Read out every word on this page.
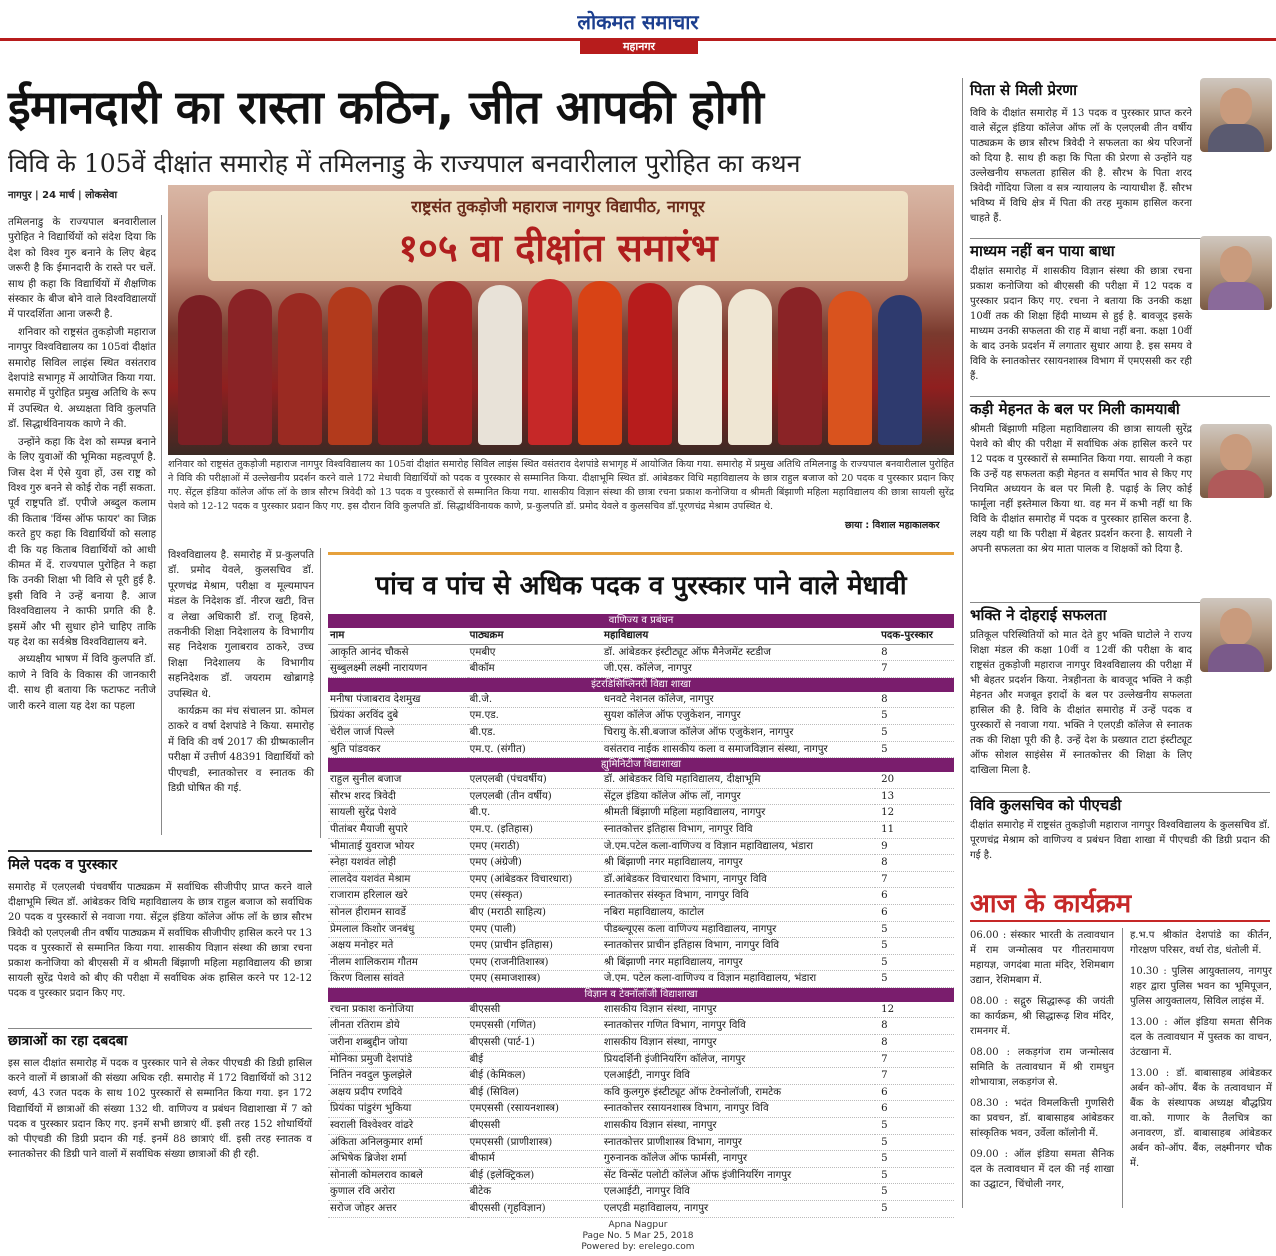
लोकमत समाचार
महानगर
ईमानदारी का रास्ता कठिन, जीत आपकी होगी
विवि के 105वें दीक्षांत समारोह में तमिलनाडु के राज्यपाल बनवारीलाल पुरोहित का कथन
नागपुर | 24 मार्च | लोकसेवा

तमिलनाडु के राज्यपाल बनवारीलाल पुरोहित ने विद्यार्थियों को संदेश दिया कि देश को विश्व गुरु बनाने के लिए बेहद जरूरी है कि ईमानदारी के रास्ते पर चलें. साथ ही कहा कि विद्यार्थियों में शैक्षणिक संस्कार के बीज बोने वाले विश्वविद्यालयों में पारदर्शिता आना जरूरी है.

शनिवार को राष्ट्रसंत तुकड़ोजी महाराज नागपुर विश्वविद्यालय का 105वां दीक्षांत समारोह सिविल लाइंस स्थित वसंतराव देशपांडे सभागृह में आयोजित किया गया. समारोह में पुरोहित प्रमुख अतिथि के रूप में उपस्थित थे. अध्यक्षता विवि कुलपति डॉ. सिद्धार्थविनायक काणे ने की.

उन्होंने कहा कि देश को सम्पन्न बनाने के लिए युवाओं की भूमिका महत्वपूर्ण है. जिस देश में ऐसे युवा हों, उस राष्ट्र को विश्व गुरु बनने से कोई रोक नहीं सकता. पूर्व राष्ट्रपति डॉ. एपीजे अब्दुल कलाम की किताब 'विंग्स ऑफ फायर' का जिक्र करते हुए कहा कि विद्यार्थियों को सलाह दी कि यह किताब विद्यार्थियों को आधी कीमत में दें. राज्यपाल पुरोहित ने कहा कि उनकी शिक्षा भी विवि से पूरी हुई है. इसी विवि ने उन्हें बनाया है. आज विश्वविद्यालय ने काफी प्रगति की है. इसमें और भी सुधार होने चाहिए ताकि यह देश का सर्वश्रेष्ठ विश्वविद्यालय बने.

अध्यक्षीय भाषण में विवि कुलपति डॉ. काणे ने विवि के विकास की जानकारी दी. साथ ही बताया कि फटाफट नतीजे जारी करने वाला यह देश का पहला

राष्ट्रसंत तुकड़ोजी महाराज नागपुर विद्यापीठ, नागपूर
१०५ वा दीक्षांत समारंभ
शनिवार को राष्ट्रसंत तुकड़ोजी महाराज नागपुर विश्वविद्यालय का 105वां दीक्षांत समारोह सिविल लाइंस स्थित वसंतराव देशपांडे सभागृह में आयोजित किया गया. समारोह में प्रमुख अतिथि तमिलनाडु के राज्यपाल बनवारीलाल पुरोहित ने विवि की परीक्षाओं में उल्लेखनीय प्रदर्शन करने वाले 172 मेधावी विद्यार्थियों को पदक व पुरस्कार से सम्मानित किया. दीक्षाभूमि स्थित डॉ. आंबेडकर विधि महाविद्यालय के छात्र राहुल बजाज को 20 पदक व पुरस्कार प्रदान किए गए. सेंट्रल इंडिया कॉलेज ऑफ लॉ के छात्र सौरभ त्रिवेदी को 13 पदक व पुरस्कारों से सम्मानित किया गया. शासकीय विज्ञान संस्था की छात्रा रचना प्रकाश कनोजिया व श्रीमती बिंझाणी महिला महाविद्यालय की छात्रा सायली सुरेंद्र पेशवे को 12-12 पदक व पुरस्कार प्रदान किए गए. इस दौरान विवि कुलपति डॉ. सिद्धार्थविनायक काणे, प्र-कुलपति डॉ. प्रमोद येवले व कुलसचिव डॉ.पूरणचंद्र मेश्राम उपस्थित थे.
छाया : विशाल महाकालकर

विश्वविद्यालय है. समारोह में प्र-कुलपति डॉ. प्रमोद येवले, कुलसचिव डॉ. पूरणचंद्र मेश्राम, परीक्षा व मूल्यमापन मंडल के निदेशक डॉ. नीरज खटी, वित्त व लेखा अधिकारी डॉ. राजू हिवसे, तकनीकी शिक्षा निदेशालय के विभागीय सह निदेशक गुलाबराव ठाकरे, उच्च शिक्षा निदेशालय के विभागीय सहनिदेशक डॉ. जयराम खोब्रागड़े उपस्थित थे.

कार्यक्रम का मंच संचालन प्रा. कोमल ठाकरे व वर्षा देशपांडे ने किया. समारोह में विवि की वर्ष 2017 की ग्रीष्मकालीन परीक्षा में उत्तीर्ण 48391 विद्यार्थियों को पीएचडी, स्नातकोत्तर व स्नातक की डिग्री घोषित की गई.

पांच व पांच से अधिक पदक व पुरस्कार पाने वाले मेधावी
वाणिज्य व प्रबंधन			
नाम	पाठ्यक्रम	महाविद्यालय	पदक-पुरस्कार
आकृति आनंद चौकसे	एमबीए	डॉ. आंबेडकर इंस्टीट्यूट ऑफ मैनेजमेंट स्टडीज	8
सुब्बुलक्ष्मी लक्ष्मी नारायणन	बीकॉम	जी.एस. कॉलेज, नागपुर	7
इंटरडिसिप्लिनरी विद्या शाखा			
मनीषा पंजाबराव देशमुख	बी.जे.	धनवटे नेशनल कॉलेज, नागपुर	8
प्रियंका अरविंद दुबे	एम.एड.	सुयश कॉलेज ऑफ एजुकेशन, नागपुर	5
चेरील जार्ज पिल्ले	बी.एड.	चिरायु के.सी.बजाज कॉलेज ऑफ एजुकेशन, नागपुर	5
श्रुति पांडवकर	एम.ए. (संगीत)	वसंतराव नाईक शासकीय कला व समाजविज्ञान संस्था, नागपुर	5
ह्युमिनिटीज विद्याशाखा			
राहुल सुनील बजाज	एलएलबी (पंचवर्षीय)	डॉ. आंबेडकर विधि महाविद्यालय, दीक्षाभूमि	20
सौरभ शरद त्रिवेदी	एलएलबी (तीन वर्षीय)	सेंट्रल इंडिया कॉलेज ऑफ लॉ, नागपुर	13
सायली सुरेंद्र पेशवे	बी.ए.	श्रीमती बिंझाणी महिला महाविद्यालय, नागपुर	12
पीतांबर मैयाजी सुपारे	एम.ए. (इतिहास)	स्नातकोत्तर इतिहास विभाग, नागपुर विवि	11
भीमाताई युवराज भोयर	एमए (मराठी)	जे.एम.पटेल कला-वाणिज्य व विज्ञान महाविद्यालय, भंडारा	9
स्नेहा यशवंत लोही	एमए (अंग्रेजी)	श्री बिंझाणी नगर महाविद्यालय, नागपुर	8
लालदेव यशवंत मेश्राम	एमए (आंबेडकर विचारधारा)	डॉ.आंबेडकर विचारधारा विभाग, नागपुर विवि	7
राजाराम हरिलाल खरे	एमए (संस्कृत)	स्नातकोत्तर संस्कृत विभाग, नागपुर विवि	6
सोनल हीरामन सावर्डे	बीए (मराठी साहित्य)	नबिरा महाविद्यालय, काटोल	6
प्रेमलाल किशोर जनबंधु	एमए (पाली)	पीडब्ल्यूएस कला वाणिज्य महाविद्यालय, नागपुर	5
अक्षय मनोहर मते	एमए (प्राचीन इतिहास)	स्नातकोत्तर प्राचीन इतिहास विभाग, नागपुर विवि	5
नीलम शालिकराम गौतम	एमए (राजनीतिशास्त्र)	श्री बिंझाणी नगर महाविद्यालय, नागपुर	5
किरण विलास सांवते	एमए (समाजशास्त्र)	जे.एम. पटेल कला-वाणिज्य व विज्ञान महाविद्यालय, भंडारा	5
विज्ञान व टेक्नॉलॉजी विद्याशाखा			
रचना प्रकाश कनोजिया	बीएससी	शासकीय विज्ञान संस्था, नागपुर	12
लीनता रतिराम डोये	एमएससी (गणित)	स्नातकोत्तर गणित विभाग, नागपुर विवि	8
जरीना शब्बुद्दीन जोया	बीएससी (पार्ट-1)	शासकीय विज्ञान संस्था, नागपुर	8
मोनिका प्रमुजी देशपांडे	बीई	प्रियदर्शिनी इंजीनियरिंग कॉलेज, नागपुर	7
नितिन नवदुल फुलझेले	बीई (केमिकल)	एलआईटी, नागपुर विवि	7
अक्षय प्रदीप रणदिवे	बीई (सिविल)	कवि कुलगुरु इंस्टीट्यूट ऑफ टेक्नोलॉजी, रामटेक	6
प्रियंका पांडुरंग भुकिया	एमएससी (रसायनशास्त्र)	स्नातकोत्तर रसायनशास्त्र विभाग, नागपुर विवि	6
स्वराली विश्वेश्वर वांढरे	बीएससी	शासकीय विज्ञान संस्था, नागपुर	5
अंकिता अनिलकुमार शर्मा	एमएससी (प्राणीशास्त्र)	स्नातकोत्तर प्राणीशास्त्र विभाग, नागपुर	5
अभिषेक ब्रिजेश शर्मा	बीफार्म	गुरुनानक कॉलेज ऑफ फार्मसी, नागपुर	5
सोनाली कोमलराव काबले	बीई (इलेक्ट्रिकल)	सेंट विन्सेंट पलोटी कॉलेज ऑफ इंजीनियरिंग नागपुर	5
कुणाल रवि अरोरा	बीटेक	एलआईटी, नागपुर विवि	5
सरोज जोहर अत्तर	बीएससी (गृहविज्ञान)	एलएडी महाविद्यालय, नागपुर	5
मिले पदक व पुरस्कार
समारोह में एलएलबी पंचवर्षीय पाठ्यक्रम में सर्वाधिक सीजीपीए प्राप्त करने वाले दीक्षाभूमि स्थित डॉ. आंबेडकर विधि महाविद्यालय के छात्र राहुल बजाज को सर्वाधिक 20 पदक व पुरस्कारों से नवाजा गया. सेंट्रल इंडिया कॉलेज ऑफ लॉ के छात्र सौरभ त्रिवेदी को एलएलबी तीन वर्षीय पाठ्यक्रम में सर्वाधिक सीजीपीए हासिल करने पर 13 पदक व पुरस्कारों से सम्मानित किया गया. शासकीय विज्ञान संस्था की छात्रा रचना प्रकाश कनोजिया को बीएससी में व श्रीमती बिंझाणी महिला महाविद्यालय की छात्रा सायली सुरेंद्र पेशवे को बीए की परीक्षा में सर्वाधिक अंक हासिल करने पर 12-12 पदक व पुरस्कार प्रदान किए गए.
छात्राओं का रहा दबदबा
इस साल दीक्षांत समारोह में पदक व पुरस्कार पाने से लेकर पीएचडी की डिग्री हासिल करने वालों में छात्राओं की संख्या अधिक रही. समारोह में 172 विद्यार्थियों को 312 स्वर्ण, 43 रजत पदक के साथ 102 पुरस्कारों से सम्मानित किया गया. इन 172 विद्यार्थियों में छात्राओं की संख्या 132 थी. वाणिज्य व प्रबंधन विद्याशाखा में 7 को पदक व पुरस्कार प्रदान किए गए. इनमें सभी छात्राएं थीं. इसी तरह 152 शोधार्थियों को पीएचडी की डिग्री प्रदान की गई. इनमें 88 छात्राएं थीं. इसी तरह स्नातक व स्नातकोत्तर की डिग्री पाने वालों में सर्वाधिक संख्या छात्राओं की ही रही.
पिता से मिली प्रेरणा
विवि के दीक्षांत समारोह में 13 पदक व पुरस्कार प्राप्त करने वाले सेंट्रल इंडिया कॉलेज ऑफ लॉ के एलएलबी तीन वर्षीय पाठ्यक्रम के छात्र सौरभ त्रिवेदी ने सफलता का श्रेय परिजनों को दिया है. साथ ही कहा कि पिता की प्रेरणा से उन्होंने यह उल्लेखनीय सफलता हासिल की है. सौरभ के पिता शरद त्रिवेदी गोंदिया जिला व सत्र न्यायालय के न्यायाधीश हैं. सौरभ भविष्य में विधि क्षेत्र में पिता की तरह मुकाम हासिल करना चाहते हैं.
माध्यम नहीं बन पाया बाधा
दीक्षांत समारोह में शासकीय विज्ञान संस्था की छात्रा रचना प्रकाश कनोजिया को बीएससी की परीक्षा में 12 पदक व पुरस्कार प्रदान किए गए. रचना ने बताया कि उनकी कक्षा 10वीं तक की शिक्षा हिंदी माध्यम से हुई है. बावजूद इसके माध्यम उनकी सफलता की राह में बाधा नहीं बना. कक्षा 10वीं के बाद उनके प्रदर्शन में लगातार सुधार आया है. इस समय वे विवि के स्नातकोत्तर रसायनशास्त्र विभाग में एमएससी कर रही हैं.
कड़ी मेहनत के बल पर मिली कामयाबी
श्रीमती बिंझाणी महिला महाविद्यालय की छात्रा सायली सुरेंद्र पेशवे को बीए की परीक्षा में सर्वाधिक अंक हासिल करने पर 12 पदक व पुरस्कारों से सम्मानित किया गया. सायली ने कहा कि उन्हें यह सफलता कड़ी मेहनत व समर्पित भाव से किए गए नियमित अध्ययन के बल पर मिली है. पढ़ाई के लिए कोई फार्मूला नहीं इस्तेमाल किया था. वह मन में कभी नहीं था कि विवि के दीक्षांत समारोह में पदक व पुरस्कार हासिल करना है. लक्ष्य यही था कि परीक्षा में बेहतर प्रदर्शन करना है. सायली ने अपनी सफलता का श्रेय माता पालक व शिक्षकों को दिया है.
भक्ति ने दोहराई सफलता
प्रतिकूल परिस्थितियों को मात देते हुए भक्ति घाटोले ने राज्य शिक्षा मंडल की कक्षा 10वीं व 12वीं की परीक्षा के बाद राष्ट्रसंत तुकड़ोजी महाराज नागपुर विश्वविद्यालय की परीक्षा में भी बेहतर प्रदर्शन किया. नेत्रहीनता के बावजूद भक्ति ने कड़ी मेहनत और मजबूत इरादों के बल पर उल्लेखनीय सफलता हासिल की है. विवि के दीक्षांत समारोह में उन्हें पदक व पुरस्कारों से नवाजा गया. भक्ति ने एलएडी कॉलेज से स्नातक तक की शिक्षा पूरी की है. उन्हें देश के प्रख्यात टाटा इंस्टीट्यूट ऑफ सोशल साइंसेस में स्नातकोत्तर की शिक्षा के लिए दाखिला मिला है.
विवि कुलसचिव को पीएचडी
दीक्षांत समारोह में राष्ट्रसंत तुकड़ोजी महाराज नागपुर विश्वविद्यालय के कुलसचिव डॉ. पूरणचंद्र मेश्राम को वाणिज्य व प्रबंधन विद्या शाखा में पीएचडी की डिग्री प्रदान की गई है.
आज के कार्यक्रम
06.00 : संस्कार भारती के तत्वावधान में राम जन्मोत्सव पर गीतरामायण महायज्ञ, जगदंबा माता मंदिर, रेशिमबाग उद्यान, रेशिमबाग में.
08.00 : सद्गुरु सिद्धारूढ़ की जयंती का कार्यक्रम, श्री सिद्धारूढ़ शिव मंदिर, रामनगर में.
08.00 : लकड़गंज राम जन्मोत्सव समिति के तत्वावधान में श्री रामधुन शोभायात्रा, लकड़गंज से.
08.30 : भदंत विमलकित्ती गुणसिरी का प्रवचन, डॉ. बाबासाहब आंबेडकर सांस्कृतिक भवन, उर्वेला कॉलोनी में.
09.00 : ऑल इंडिया समता सैनिक दल के तत्वावधान में दल की नई शाखा का उद्घाटन, चिंचोली नगर,
ह.भ.प श्रीकांत देशपांडे का कीर्तन, गोरक्षण परिसर, वर्धा रोड, धंतोली में.
10.30 : पुलिस आयुक्तालय, नागपुर शहर द्वारा पुलिस भवन का भूमिपूजन, पुलिस आयुक्तालय, सिविल लाइंस में.
13.00 : ऑल इंडिया समता सैनिक दल के तत्वावधान में पुस्तक का वाचन, उंटखाना में.
13.00 : डॉ. बाबासाहब आंबेडकर अर्बन को-ऑप. बैंक के तत्वावधान में बैंक के संस्थापक अध्यक्ष बौद्धप्रिय वा.को. गाणार के तैलचित्र का अनावरण, डॉ. बाबासाहब आंबेडकर अर्बन को-ऑप. बैंक, लक्ष्मीनगर चौक में.
Apna Nagpur
Page No. 5 Mar 25, 2018
Powered by: erelego.com
